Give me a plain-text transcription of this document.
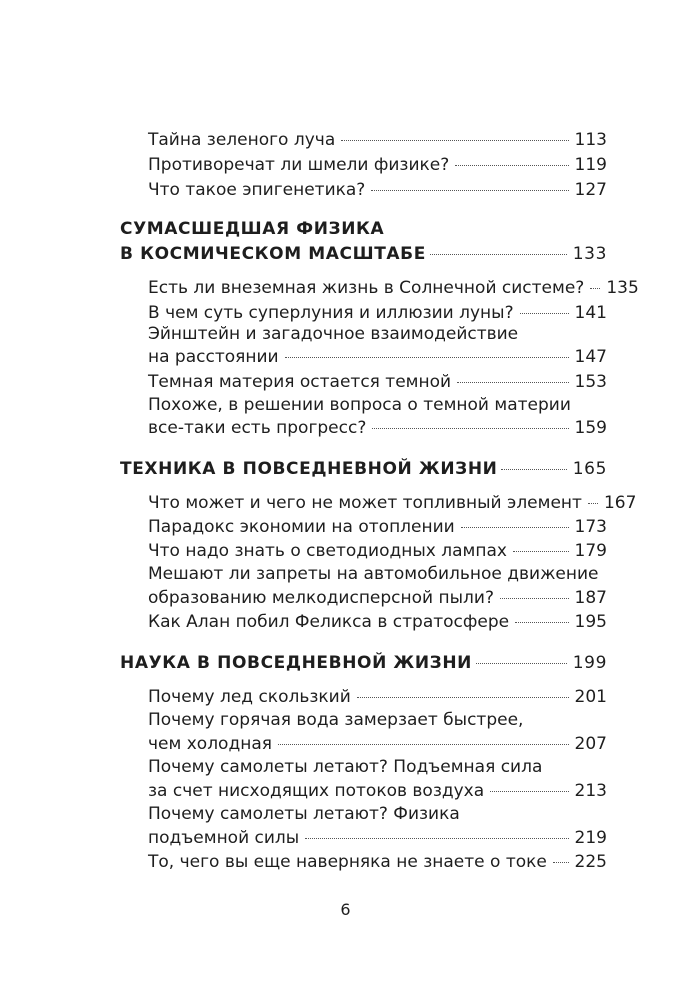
Тайна зеленого луча	113
Противоречат ли шмели физике?	119
Что такое эпигенетика?	127
СУМАСШЕДШАЯ ФИЗИКА
В КОСМИЧЕСКОМ МАСШТАБЕ	133
Есть ли внеземная жизнь в Солнечной системе? 135
В чем суть суперлуния и иллюзии луны?	141
Эйнштейн и загадочное взаимодействие
на расстоянии	147
Темная материя остается темной	153
Похоже, в решении вопроса о темной материи
все-таки есть прогресс?	159
ТЕХНИКА В ПОВСЕДНЕВНОЙ ЖИЗНИ	165
Что может и чего не может топливный элемент 167
Парадокс экономии на отоплении	173
Что надо знать о светодиодных лампах	179
Мешают ли запреты на автомобильное движение
образованию мелкодисперсной пыли?	187
Как Алан побил Феликса в стратосфере	195
НАУКА В ПОВСЕДНЕВНОЙ ЖИЗНИ	199
Почему лед скользкий	201
Почему горячая вода замерзает быстрее,
чем холодная	207
Почему самолеты летают? Подъемная сила
за счет нисходящих потоков воздуха	213
Почему самолеты летают? Физика
подъемной силы	219
То, чего вы еще наверняка не знаете о токе 225
6
